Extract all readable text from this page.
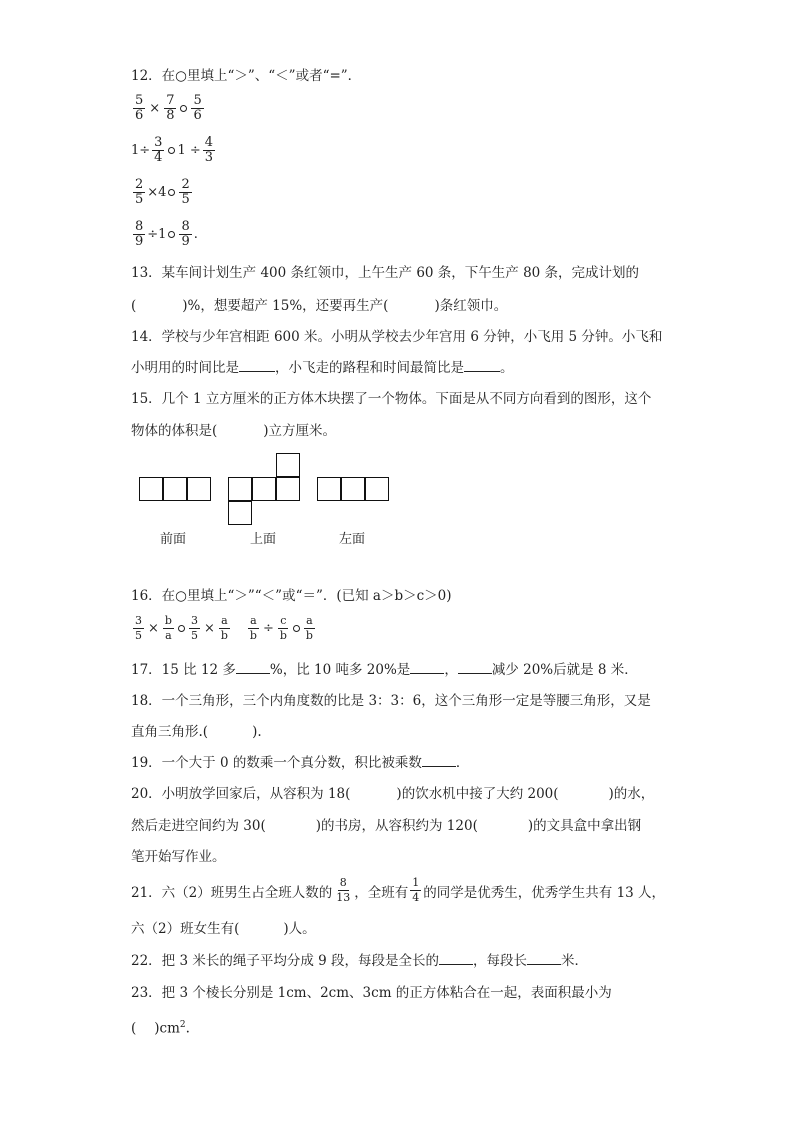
12．在○里填上“＞”、“＜”或者“=”．
$\frac{5}{6} \times \frac{7}{8} \frac{5}{6}$
$1\div \frac{3}{4} 1 \div \frac{4}{3}$
$\frac{2}{5} \times 4 \frac{2}{5}$
$\frac{8}{9} \div 1 \frac{8}{9}$ .
13．某车间计划生产 400 条红领巾，上午生产 60 条，下午生产 80 条，完成计划的
(	)%，想要超产 15%，还要再生产(	)条红领巾。
14．学校与少年宫相距 600 米。小明从学校去少年宫用 6 分钟，小飞用 5 分钟。小飞和
小明用的时间比是	，小飞走的路程和时间最简比是	。
15．几个 1 立方厘米的正方体木块摆了一个物体。下面是从不同方向看到的图形，这个
物体的体积是(	)立方厘米。
前面	上面	左面
16．在○里填上“＞”“＜”或“＝”．(已知 a＞b＞c＞0)
$\frac{3}{5} \times \frac{b}{a} \frac{3}{5} \times \frac{a}{b} \frac{a}{b} \div \frac{c}{b} \frac{a}{b}$
17．15 比 12 多	%，比 10 吨多 20%是	，	减少 20%后就是 8 米．
18．一个三角形，三个内角度数的比是 3：3：6，这个三角形一定是等腰三角形，又是
直角三角形.(	).
19．一个大于 0 的数乘一个真分数，积比被乘数	．
20．小明放学回家后，从容积为 18(	)的饮水机中接了大约 200(	)的水，
然后走进空间约为 30(	)的书房，从容积约为 120(	)的文具盒中拿出钢
笔开始写作业。
21．六（2）班男生占全班人数的 $\frac{8}{13}$ ，全班有 $\frac{1}{4}$ 的同学是优秀生，优秀学生共有 13 人，
六（2）班女生有(	)人。
22．把 3 米长的绳子平均分成 9 段，每段是全长的	，每段长	米．
23．把 3 个棱长分别是 1cm、2cm、3cm 的正方体粘合在一起，表面积最小为
( )$cm^2$.
